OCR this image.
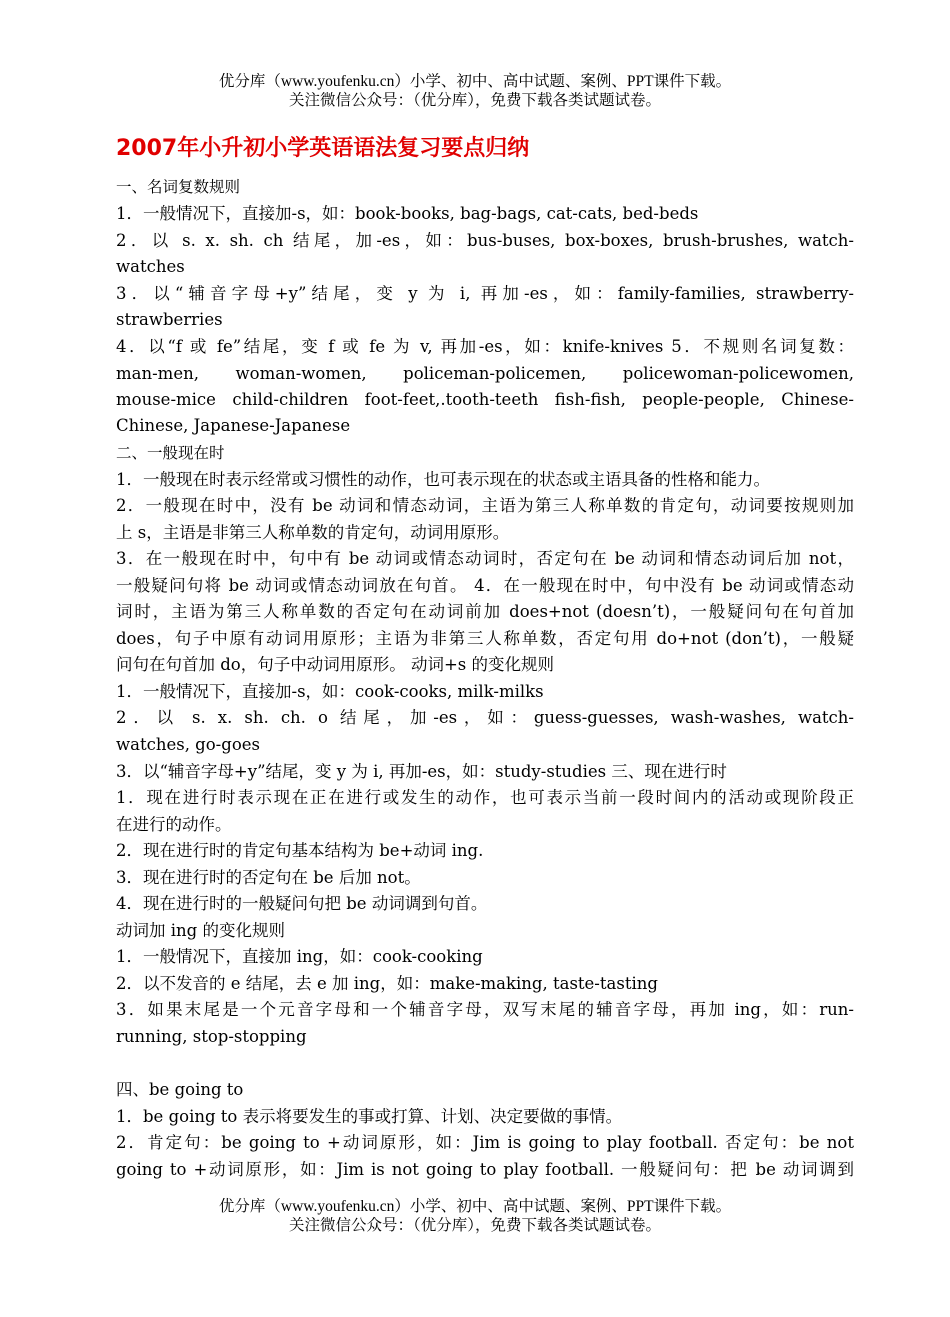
优分库（www.youfenku.cn）小学、初中、高中试题、案例、PPT课件下载。
关注微信公众号：（优分库），免费下载各类试题试卷。
2007年小升初小学英语语法复习要点归纳
一、名词复数规则
1．一般情况下，直接加-s，如：book-books, bag-bags, cat-cats, bed-beds
2．以 s. x. sh. ch 结尾，加-es，如：bus-buses, box-boxes, brush-brushes, watch-
watches
3．以“辅音字母+y”结尾，变 y 为 i, 再加-es，如：family-families, strawberry-
strawberries
4．以“f 或 fe”结尾，变 f 或 fe 为 v, 再加-es，如：knife-knives 5．不规则名词复数：
man-men, woman-women, policeman-policemen, policewoman-policewomen,
mouse-mice child-children foot-feet,.tooth-teeth fish-fish, people-people, Chinese-
Chinese, Japanese-Japanese
二、一般现在时
1．一般现在时表示经常或习惯性的动作，也可表示现在的状态或主语具备的性格和能力。
2．一般现在时中，没有 be 动词和情态动词，主语为第三人称单数的肯定句，动词要按规则加
上 s，主语是非第三人称单数的肯定句，动词用原形。
3．在一般现在时中，句中有 be 动词或情态动词时，否定句在 be 动词和情态动词后加 not，
一般疑问句将 be 动词或情态动词放在句首。 4．在一般现在时中，句中没有 be 动词或情态动
词时，主语为第三人称单数的否定句在动词前加 does+not (doesn’t)，一般疑问句在句首加
does，句子中原有动词用原形；主语为非第三人称单数，否定句用 do+not (don’t)，一般疑
问句在句首加 do，句子中动词用原形。 动词+s 的变化规则
1．一般情况下，直接加-s，如：cook-cooks, milk-milks
2．以 s. x. sh. ch. o 结尾，加-es，如：guess-guesses, wash-washes, watch-
watches, go-goes
3．以“辅音字母+y”结尾，变 y 为 i, 再加-es，如：study-studies 三、现在进行时
1．现在进行时表示现在正在进行或发生的动作，也可表示当前一段时间内的活动或现阶段正
在进行的动作。
2．现在进行时的肯定句基本结构为 be+动词 ing.
3．现在进行时的否定句在 be 后加 not。
4．现在进行时的一般疑问句把 be 动词调到句首。
动词加 ing 的变化规则
1．一般情况下，直接加 ing，如：cook-cooking
2．以不发音的 e 结尾，去 e 加 ing，如：make-making, taste-tasting
3．如果末尾是一个元音字母和一个辅音字母，双写末尾的辅音字母，再加 ing，如：run-
running, stop-stopping
四、be going to
1．be going to 表示将要发生的事或打算、计划、决定要做的事情。
2．肯定句：be going to +动词原形，如：Jim is going to play football. 否定句：be not
going to +动词原形，如：Jim is not going to play football. 一般疑问句：把 be 动词调到
优分库（www.youfenku.cn）小学、初中、高中试题、案例、PPT课件下载。
关注微信公众号：（优分库），免费下载各类试题试卷。
